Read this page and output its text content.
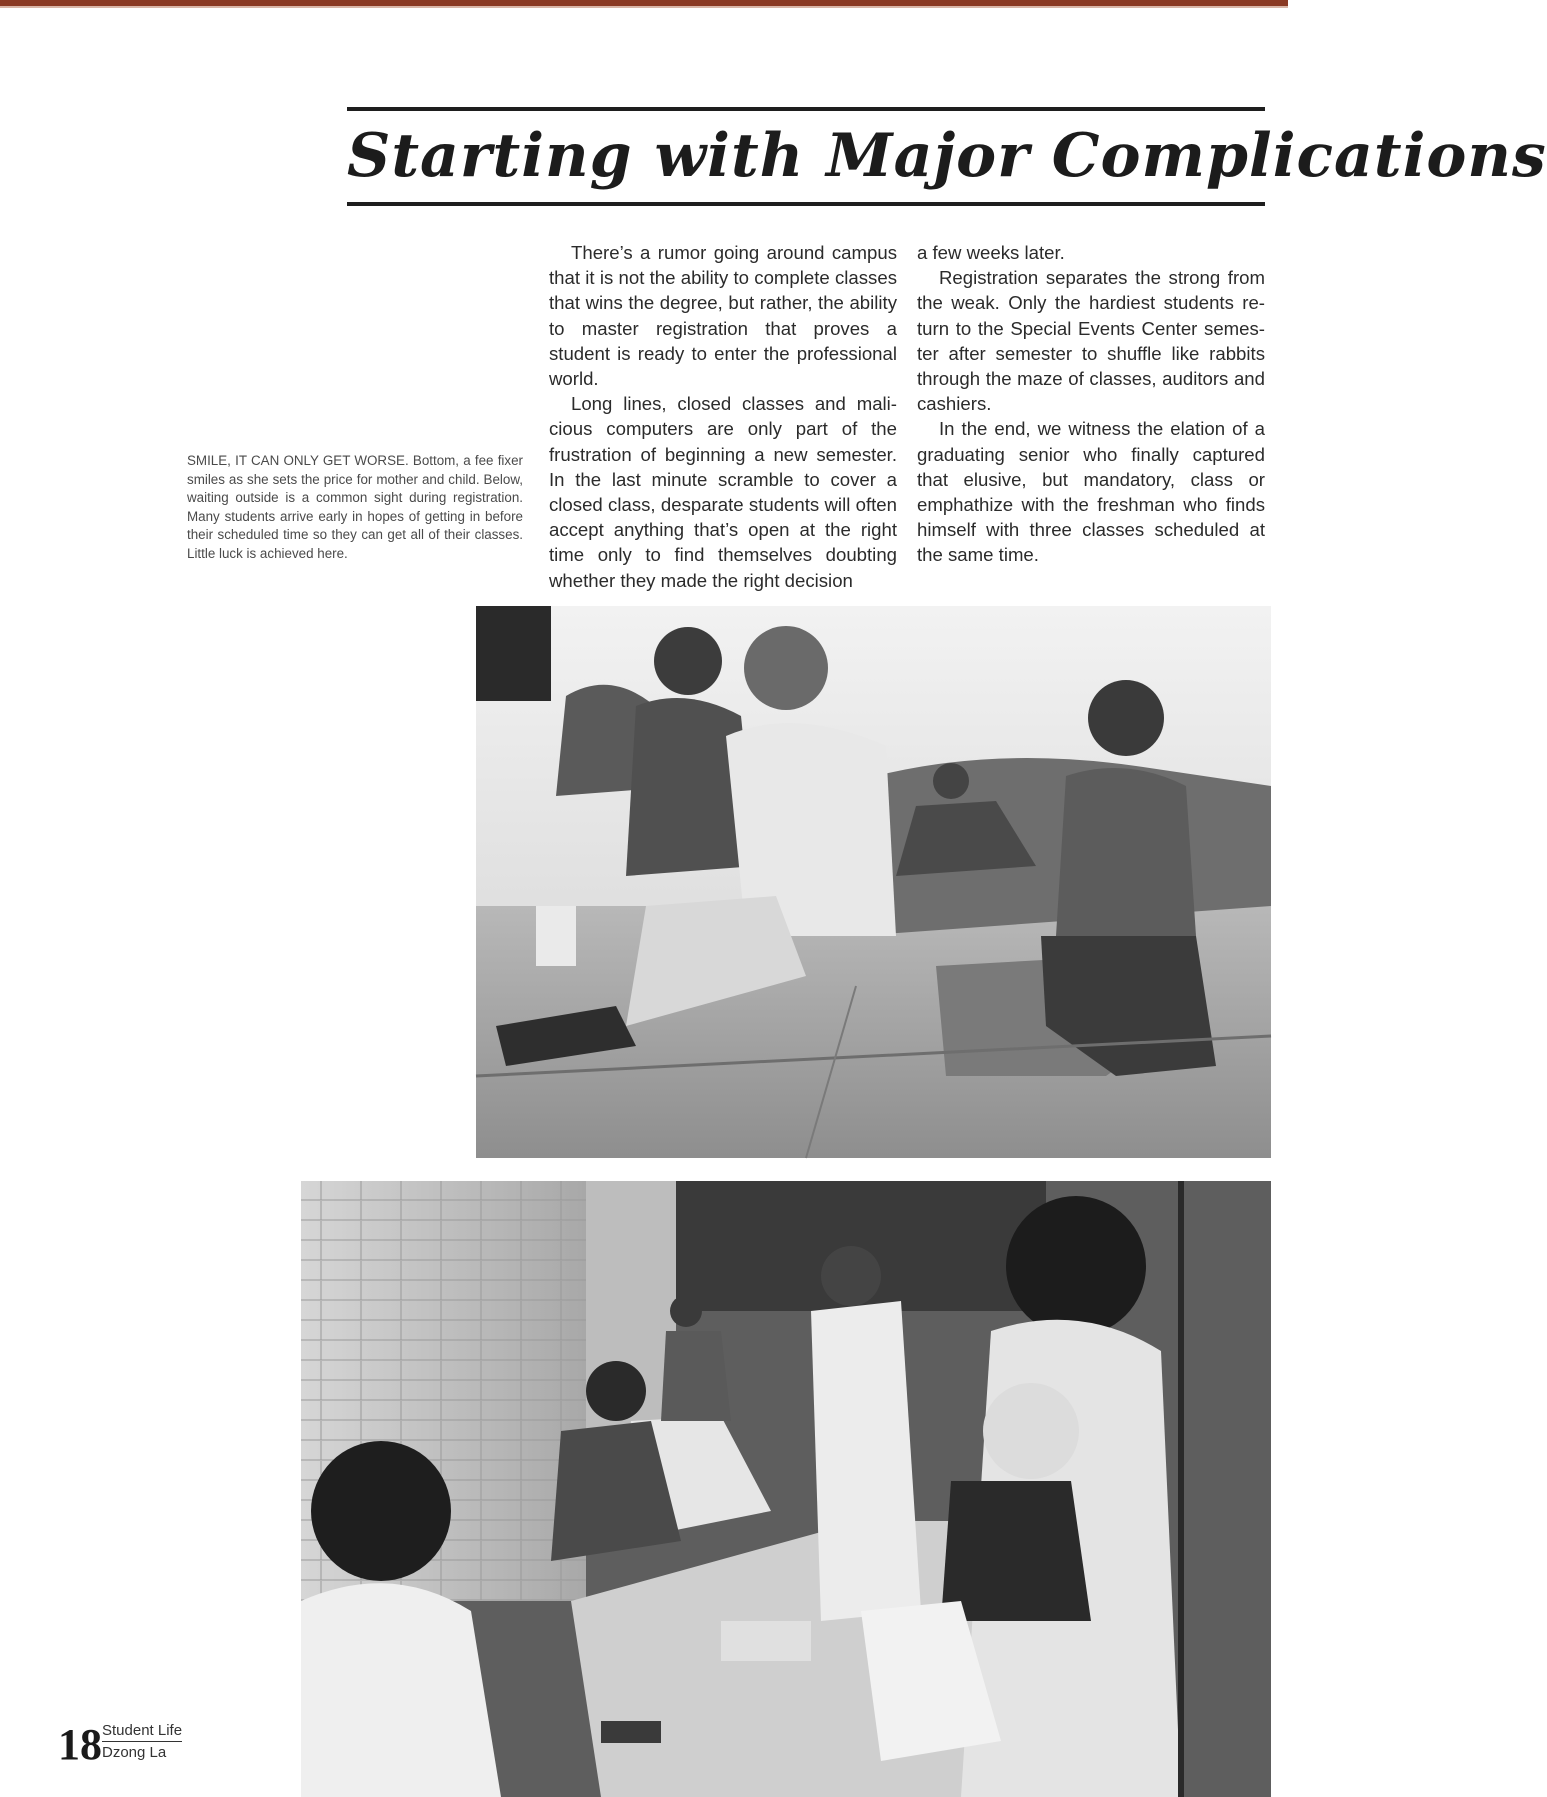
Starting with Major Complications
SMILE, IT CAN ONLY GET WORSE. Bottom, a fee fixer smiles as she sets the price for mother and child. Below, waiting outside is a common sight during registration. Many students arrive early in hopes of getting in before their scheduled time so they can get all of their classes. Little luck is achieved here.

There’s a rumor going around campus that it is not the ability to complete classes that wins the degree, but rather, the ability to master registration that proves a student is ready to enter the professional world.

Long lines, closed classes and malicious computers are only part of the frustration of beginning a new semester. In the last minute scramble to cover a closed class, desparate students will often accept anything that’s open at the right time only to find themselves doubting whether they made the right decision

a few weeks later.

Registration separates the strong from the weak. Only the hardiest students return to the Special Events Center semester after semester to shuffle like rabbits through the maze of classes, auditors and cashiers.

In the end, we witness the elation of a graduating senior who finally captured that elusive, but mandatory, class or emphathize with the freshman who finds himself with three classes scheduled at the same time.

18 Student Life
Dzong La
